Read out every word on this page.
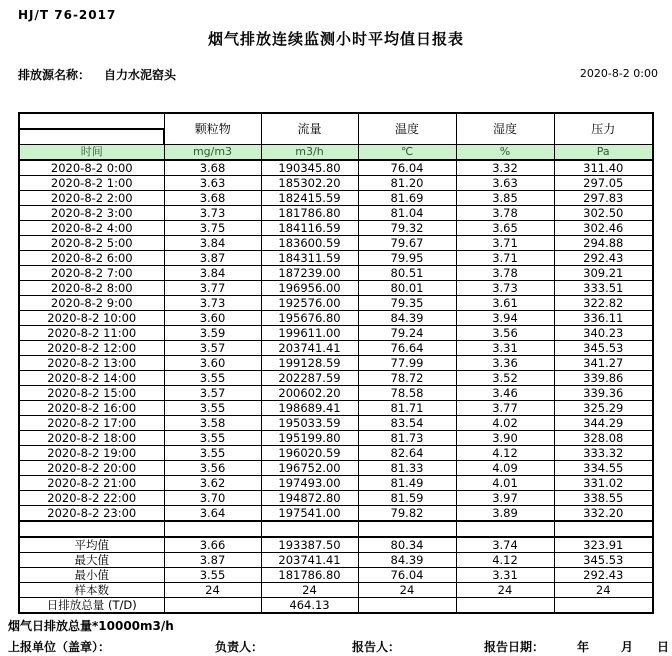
HJ/T 76-2017
烟气排放连续监测小时平均值日报表
排放源名称： 自力水泥窑头	2020-8-2 0:00
	颗粒物	流量	温度	湿度	压力

时间	mg/m3	m3/h	℃	%	Pa
2020-8-2 0:00	3.68	190345.80	76.04	3.32	311.40
2020-8-2 1:00	3.63	185302.20	81.20	3.63	297.05
2020-8-2 2:00	3.68	182415.59	81.69	3.85	297.83
2020-8-2 3:00	3.73	181786.80	81.04	3.78	302.50
2020-8-2 4:00	3.75	184116.59	79.32	3.65	302.46
2020-8-2 5:00	3.84	183600.59	79.67	3.71	294.88
2020-8-2 6:00	3.87	184311.59	79.95	3.71	292.43
2020-8-2 7:00	3.84	187239.00	80.51	3.78	309.21
2020-8-2 8:00	3.77	196956.00	80.01	3.73	333.51
2020-8-2 9:00	3.73	192576.00	79.35	3.61	322.82
2020-8-2 10:00	3.60	195676.80	84.39	3.94	336.11
2020-8-2 11:00	3.59	199611.00	79.24	3.56	340.23
2020-8-2 12:00	3.57	203741.41	76.64	3.31	345.53
2020-8-2 13:00	3.60	199128.59	77.99	3.36	341.27
2020-8-2 14:00	3.55	202287.59	78.72	3.52	339.86
2020-8-2 15:00	3.57	200602.20	78.58	3.46	339.36
2020-8-2 16:00	3.55	198689.41	81.71	3.77	325.29
2020-8-2 17:00	3.58	195033.59	83.54	4.02	344.29
2020-8-2 18:00	3.55	195199.80	81.73	3.90	328.08
2020-8-2 19:00	3.55	196020.59	82.64	4.12	333.32
2020-8-2 20:00	3.56	196752.00	81.33	4.09	334.55
2020-8-2 21:00	3.62	197493.00	81.49	4.01	331.02
2020-8-2 22:00	3.70	194872.80	81.59	3.97	338.55
2020-8-2 23:00	3.64	197541.00	79.82	3.89	332.20

平均值	3.66	193387.50	80.34	3.74	323.91
最大值	3.87	203741.41	84.39	4.12	345.53
最小值	3.55	181786.80	76.04	3.31	292.43
样本数	24	24	24	24	24
日排放总量 (T/D)		464.13			
烟气日排放总量*10000m3/h
上报单位（盖章）：	负责人：	报告人：	报告日期：	年	月 日
